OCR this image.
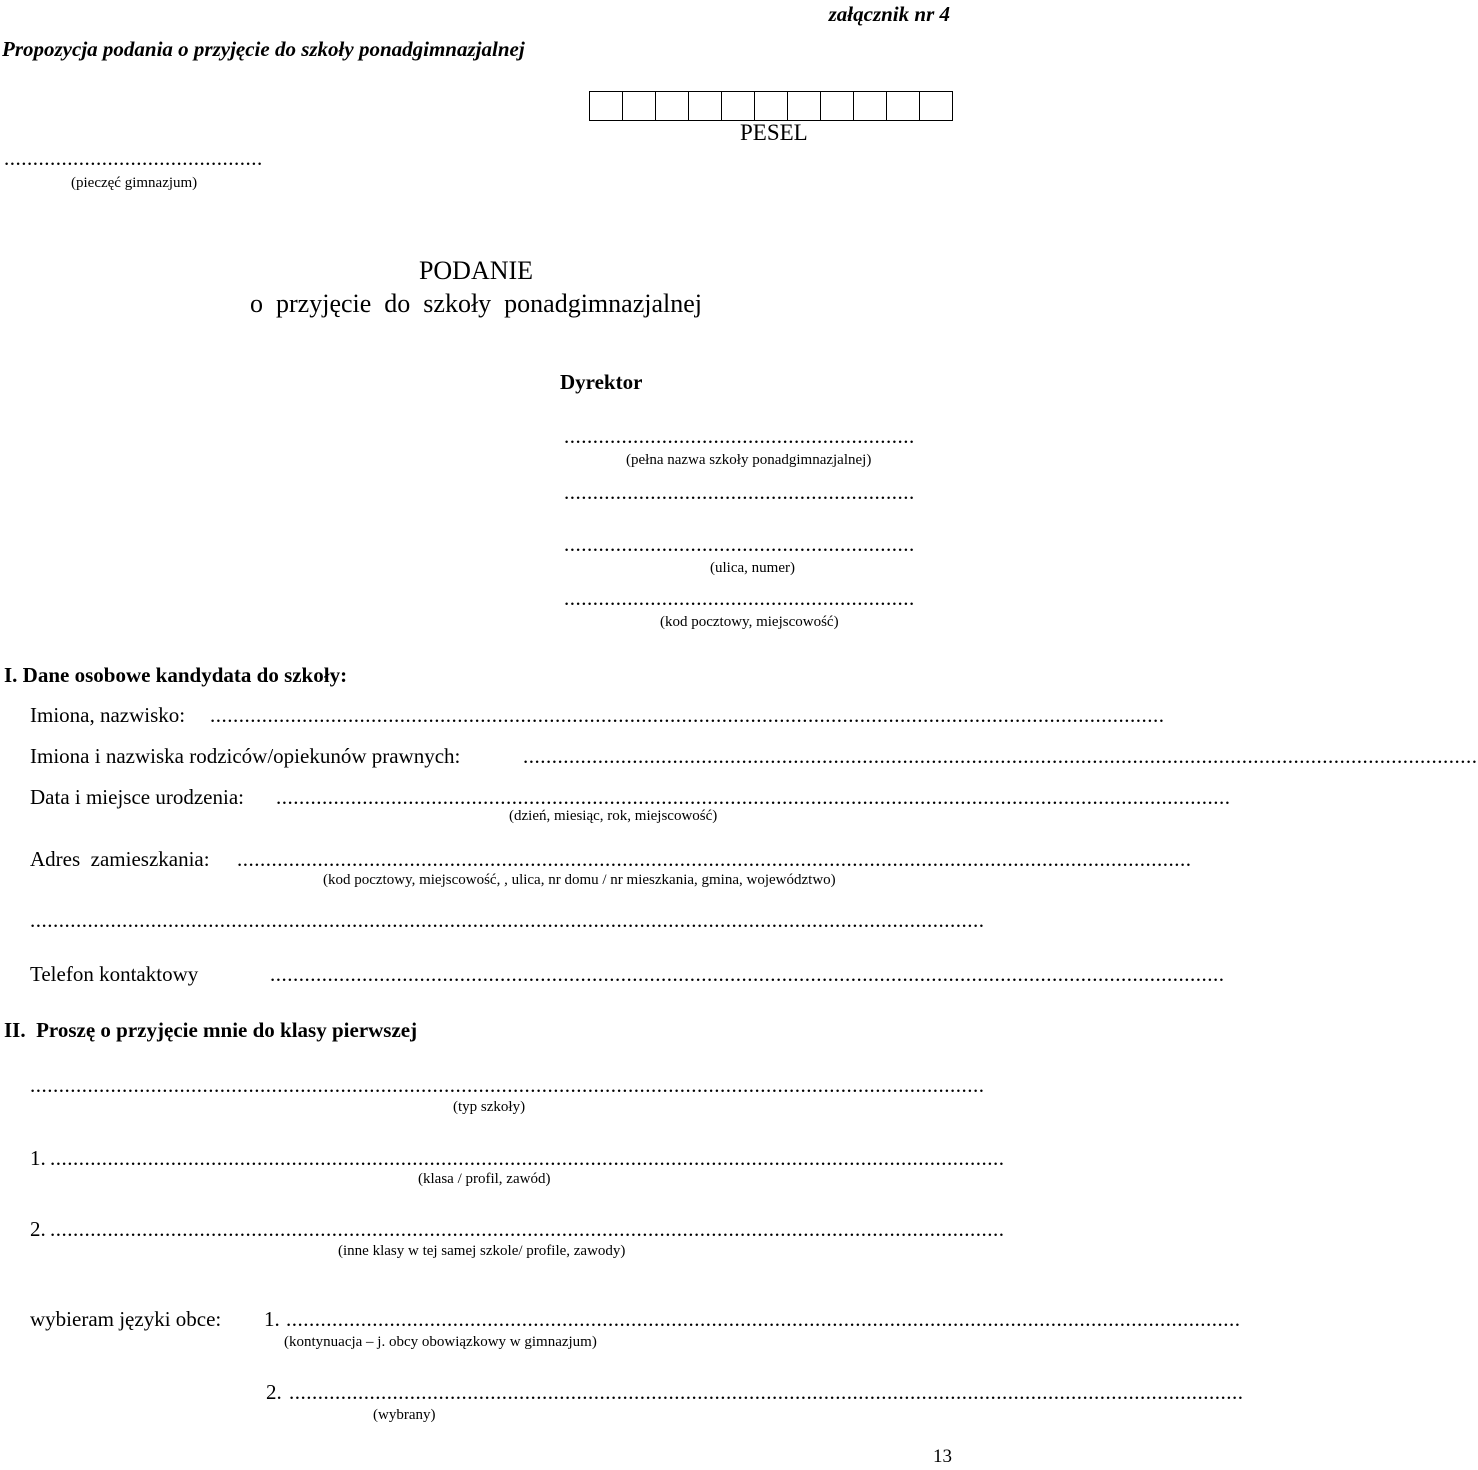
załącznik nr 4
Propozycja podania o przyjęcie do szkoły ponadgimnazjalnej
PESEL
.............................................
(pieczęć gimnazjum)
PODANIE
o  przyjęcie  do  szkoły  ponadgimnazjalnej
Dyrektor
.............................................................
(pełna nazwa szkoły ponadgimnazjalnej)
.............................................................
.............................................................
(ulica, numer)
.............................................................
(kod pocztowy, miejscowość)
I. Dane osobowe kandydata do szkoły:
Imiona, nazwisko: ......................................................................................................................................................................
Imiona i nazwiska rodziców/opiekunów prawnych:	......................................................................................................................................................................
Data i miejsce urodzenia: ......................................................................................................................................................................
(dzień, miesiąc, rok, miejscowość)
Adres  zamieszkania: ......................................................................................................................................................................
(kod pocztowy, miejscowość, , ulica, nr domu / nr mieszkania, gmina, województwo)
......................................................................................................................................................................
Telefon kontaktowy	......................................................................................................................................................................
II.  Proszę o przyjęcie mnie do klasy pierwszej
......................................................................................................................................................................
(typ szkoły)
1. ......................................................................................................................................................................
(klasa / profil, zawód)
2. ......................................................................................................................................................................
(inne klasy w tej samej szkole/ profile, zawody)
wybieram języki obce: 1. ......................................................................................................................................................................
(kontynuacja – j. obcy obowiązkowy w gimnazjum)
2. ......................................................................................................................................................................
(wybrany)
13
